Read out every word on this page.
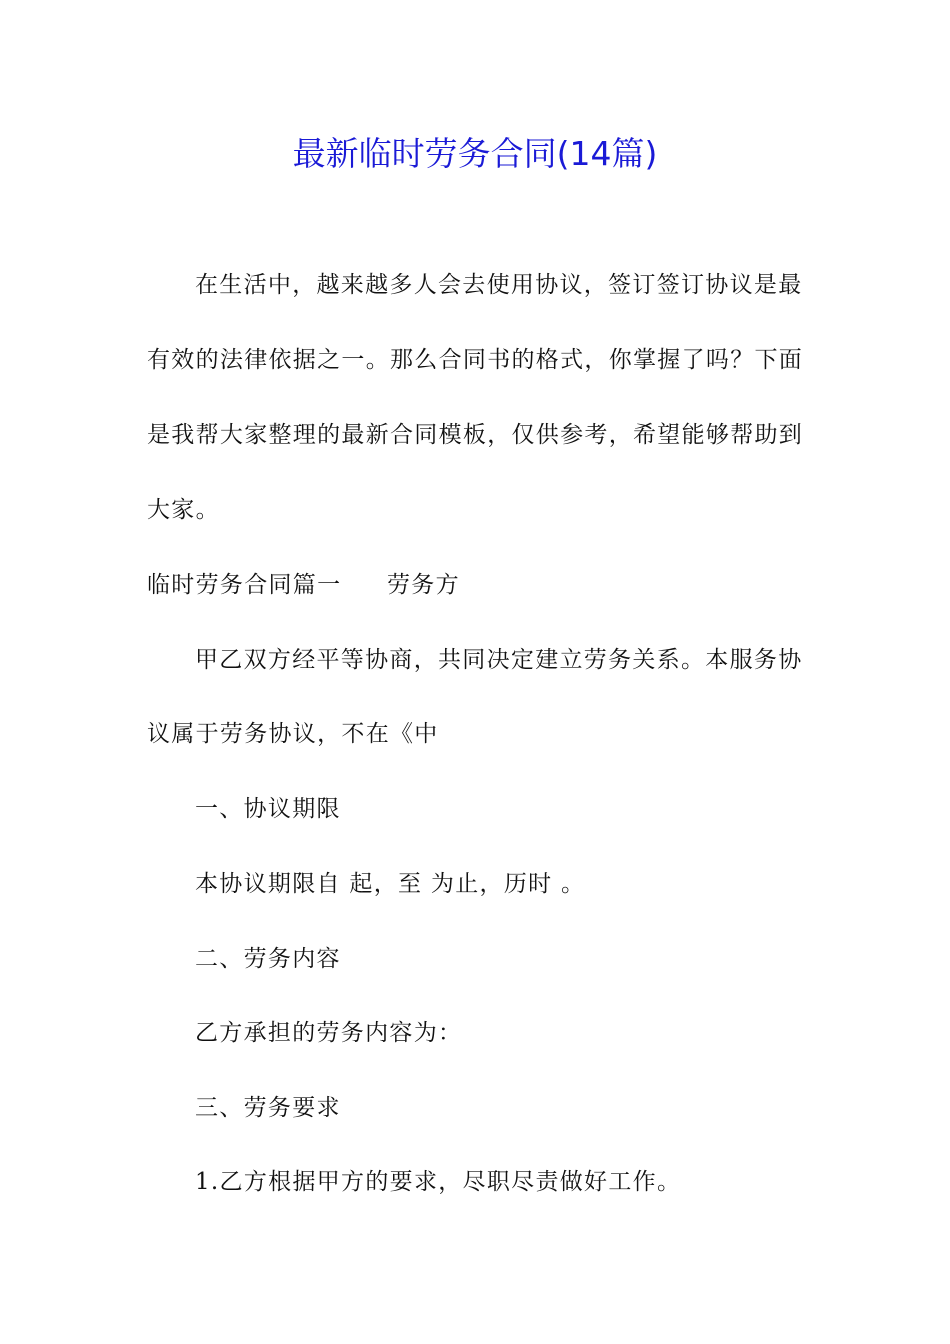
最新临时劳务合同(14篇)
在生活中，越来越多人会去使用协议，签订签订协议是最
有效的法律依据之一。那么合同书的格式，你掌握了吗？下面
是我帮大家整理的最新合同模板，仅供参考，希望能够帮助到
大家。
临时劳务合同篇一 劳务方
甲乙双方经平等协商，共同决定建立劳务关系。本服务协
议属于劳务协议，不在《中
一、协议期限
本协议期限自 起，至 为止，历时 。
二、劳务内容
乙方承担的劳务内容为：
三、劳务要求
1.乙方根据甲方的要求，尽职尽责做好工作。
